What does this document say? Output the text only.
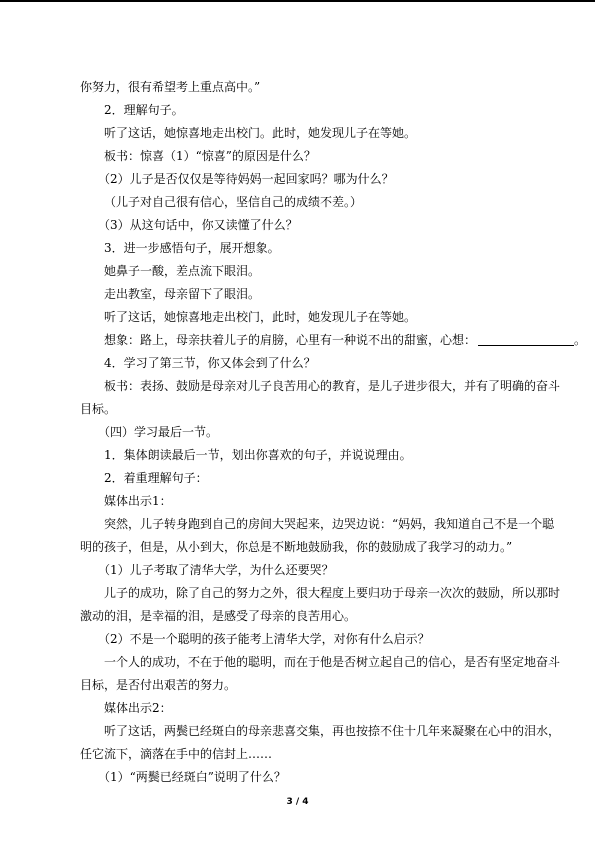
你努力，很有希望考上重点高中。”
2．理解句子。
听了这话，她惊喜地走出校门。此时，她发现儿子在等她。
板书：惊喜（1）“惊喜”的原因是什么？
（2）儿子是否仅仅是等待妈妈一起回家吗？哪为什么？
（儿子对自己很有信心，坚信自己的成绩不差。）
（3）从这句话中，你又读懂了什么？
3．进一步感悟句子，展开想象。
她鼻子一酸，差点流下眼泪。
走出教室，母亲留下了眼泪。
听了这话，她惊喜地走出校门，此时，她发现儿子在等她。
想象：路上，母亲扶着儿子的肩膀，心里有一种说不出的甜蜜，心想：	。
4．学习了第三节，你又体会到了什么？
板书：表扬、鼓励是母亲对儿子良苦用心的教育，是儿子进步很大，并有了明确的奋斗
目标。
（四）学习最后一节。
1．集体朗读最后一节，划出你喜欢的句子，并说说理由。
2．着重理解句子：
媒体出示1：
突然，儿子转身跑到自己的房间大哭起来，边哭边说：“妈妈，我知道自己不是一个聪
明的孩子，但是，从小到大，你总是不断地鼓励我，你的鼓励成了我学习的动力。”
（1）儿子考取了清华大学，为什么还要哭？
儿子的成功，除了自己的努力之外，很大程度上要归功于母亲一次次的鼓励，所以那时
激动的泪，是幸福的泪，是感受了母亲的良苦用心。
（2）不是一个聪明的孩子能考上清华大学，对你有什么启示？
一个人的成功，不在于他的聪明，而在于他是否树立起自己的信心，是否有坚定地奋斗
目标，是否付出艰苦的努力。
媒体出示2：
听了这话，两鬓已经斑白的母亲悲喜交集，再也按捺不住十几年来凝聚在心中的泪水，
任它流下，滴落在手中的信封上……
（1）“两鬓已经斑白”说明了什么？
3 / 4
